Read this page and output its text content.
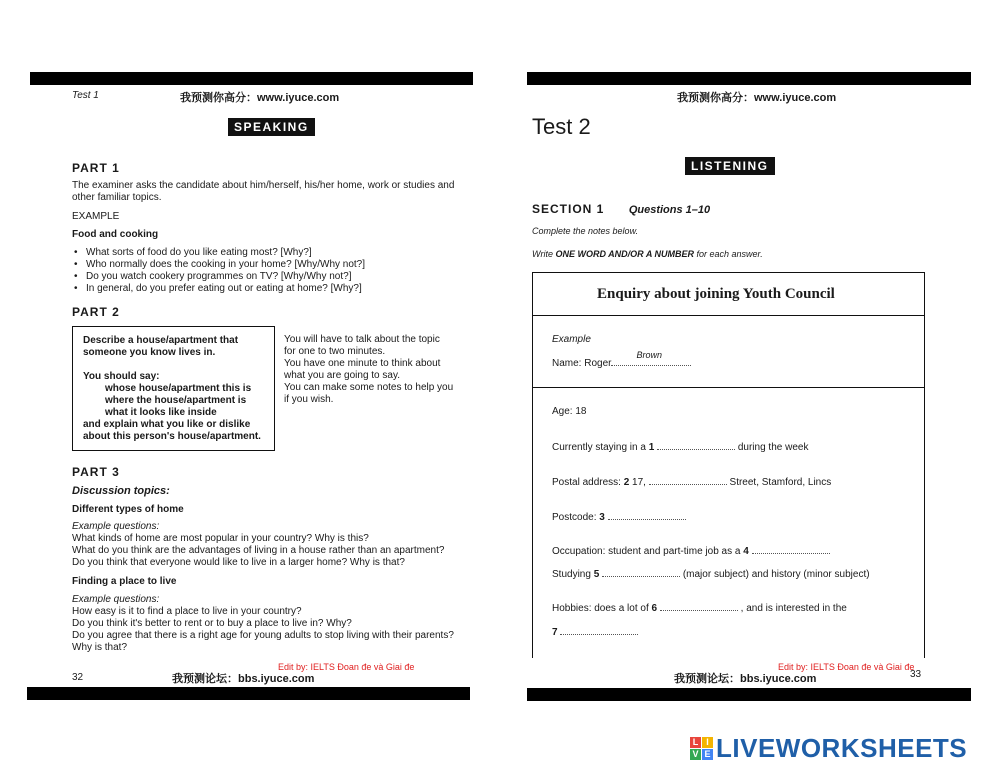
Test 1	我预测你高分：www.iyuce.com
SPEAKING
PART 1
The examiner asks the candidate about him/herself, his/her home, work or studies and other familiar topics.
EXAMPLE
Food and cooking
• What sorts of food do you like eating most? [Why?]
• Who normally does the cooking in your home? [Why/Why not?]
• Do you watch cookery programmes on TV? [Why/Why not?]
• In general, do you prefer eating out or eating at home? [Why?]
PART 2
Describe a house/apartment that
someone you know lives in.
You should say:
whose house/apartment this is
where the house/apartment is
what it looks like inside
and explain what you like or dislike
about this person's house/apartment.
You will have to talk about the topic
for one to two minutes.
You have one minute to think about
what you are going to say.
You can make some notes to help you
if you wish.
PART 3
Discussion topics:
Different types of home
Example questions:
What kinds of home are most popular in your country? Why is this?
What do you think are the advantages of living in a house rather than an apartment?
Do you think that everyone would like to live in a larger home? Why is that?
Finding a place to live
Example questions:
How easy is it to find a place to live in your country?
Do you think it's better to rent or to buy a place to live in? Why?
Do you agree that there is a right age for young adults to stop living with their parents?
Why is that?
Edit by: IELTS Đoan đe và Giai đe
32	我预测论坛：bbs.iyuce.com
我预测你高分：www.iyuce.com
Test 2
LISTENING
SECTION 1 Questions 1–10
Complete the notes below.
Write ONE WORD AND/OR A NUMBER for each answer.
Enquiry about joining Youth Council
Example
Name: Roger
Brown
Age: 18
Currently staying in a 1	during the week
Postal address: 2 17,	Street, Stamford, Lincs
Postcode: 3
Occupation: student and part-time job as a 4
Studying 5	(major subject) and history (minor subject)
Hobbies: does a lot of 6	, and is interested in the
7
Edit by: IELTS Đoan đe và Giai đe
我预测论坛：bbs.iyuce.com	33
L I
V E LIVEWORKSHEETS
